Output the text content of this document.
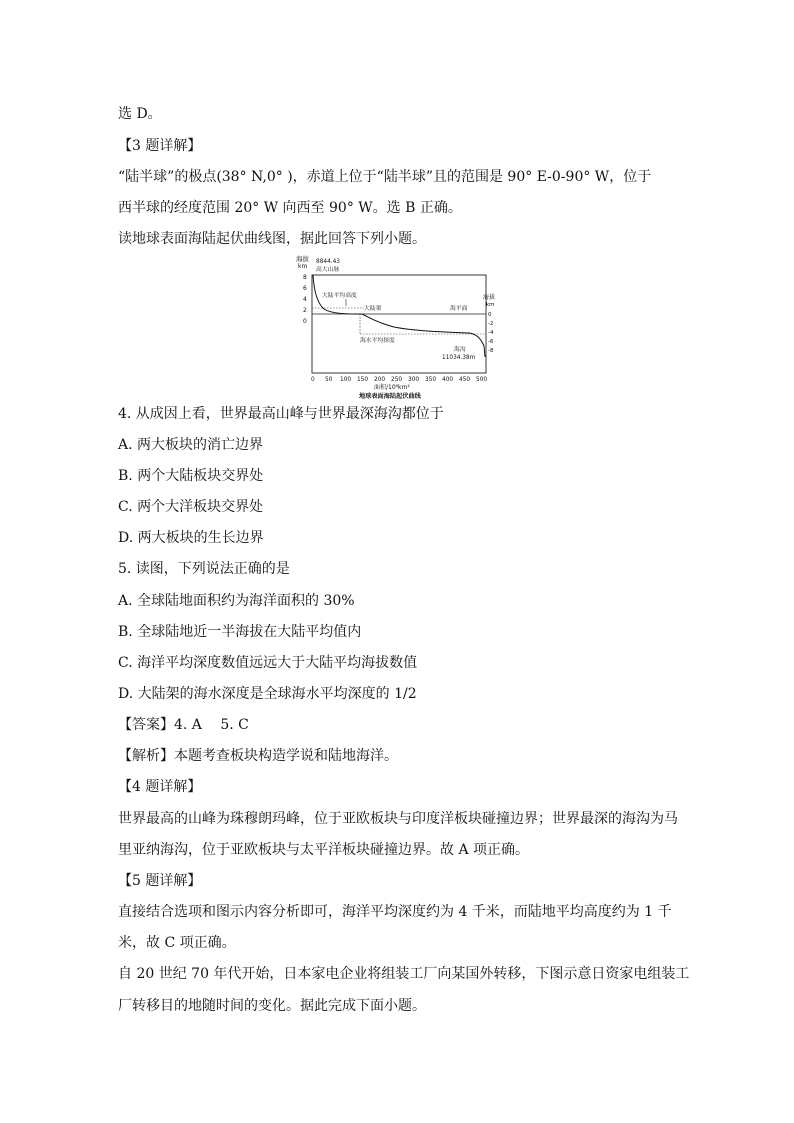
选 D。
【3 题详解】
“陆半球”的极点(38° N,0° )，赤道上位于“陆半球”且的范围是 90° E-0-90° W，位于
西半球的经度范围 20° W 向西至 90° W。选 B 正确。
读地球表面海陆起伏曲线图，据此回答下列小题。
海拔
km
8
6
4
2
0
8844.43
高大山脉
大陆平均高度
大陆架	海平面
海水平均探度
海沟
11034.38m
海拔
km
0
-2
-4
-6
-8
0 50 100 150 200 250 300 350 400 450 500
面积/10⁶km²
地球表面海陆起伏曲线
4. 从成因上看，世界最高山峰与世界最深海沟都位于
A. 两大板块的消亡边界
B. 两个大陆板块交界处
C. 两个大洋板块交界处
D. 两大板块的生长边界
5. 读图，下列说法正确的是
A. 全球陆地面积约为海洋面积的 30%
B. 全球陆地近一半海拔在大陆平均值内
C. 海洋平均深度数值远远大于大陆平均海拔数值
D. 大陆架的海水深度是全球海水平均深度的 1/2
【答案】4. A　 5. C
【解析】本题考查板块构造学说和陆地海洋。
【4 题详解】
世界最高的山峰为珠穆朗玛峰，位于亚欧板块与印度洋板块碰撞边界；世界最深的海沟为马
里亚纳海沟，位于亚欧板块与太平洋板块碰撞边界。故 A 项正确。
【5 题详解】
直接结合选项和图示内容分析即可，海洋平均深度约为 4 千米，而陆地平均高度约为 1 千
米，故 C 项正确。
自 20 世纪 70 年代开始，日本家电企业将组装工厂向某国外转移，下图示意日资家电组装工
厂转移目的地随时间的变化。据此完成下面小题。
